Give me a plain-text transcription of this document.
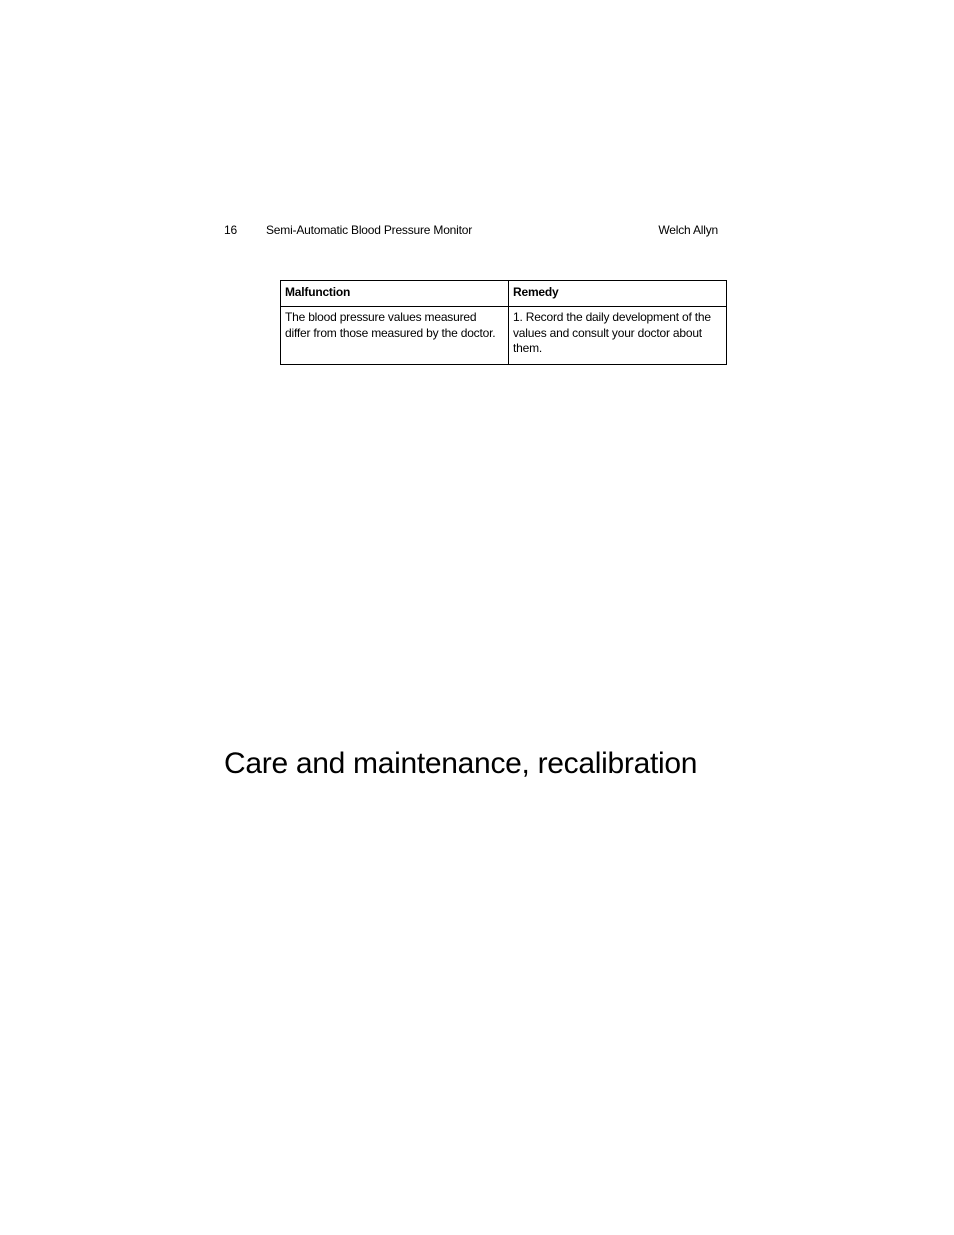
16 Semi-Automatic Blood Pressure Monitor	Welch Allyn
Malfunction	Remedy
The blood pressure values measured differ from those measured by the doctor.	1. Record the daily development of the values and consult your doctor about them.
Care and maintenance, recalibration
